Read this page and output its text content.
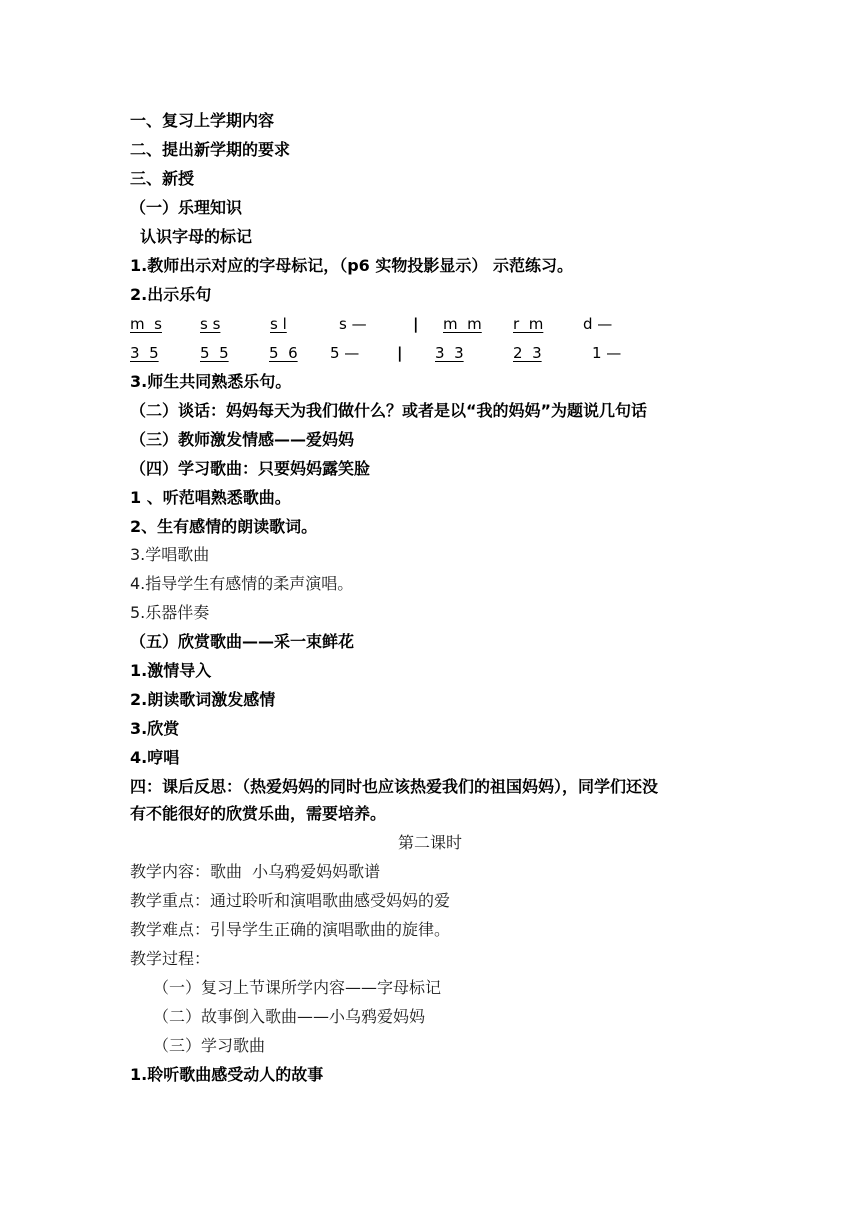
一、复习上学期内容
二、提出新学期的要求
三、新授
（一）乐理知识
认识字母的标记
1.教师出示对应的字母标记，（p6 实物投影显示） 示范练习。
2.出示乐句
m  s	s s	s l	s —	| m  m r  m	d —
3  5	5  5	5  6 5 —	| 3  3	2  3	1 —
3.师生共同熟悉乐句。
（二）谈话：妈妈每天为我们做什么？或者是以“我的妈妈”为题说几句话
（三）教师激发情感——爱妈妈
（四）学习歌曲：只要妈妈露笑脸
1 、听范唱熟悉歌曲。
2、生有感情的朗读歌词。
3.学唱歌曲
4.指导学生有感情的柔声演唱。
5.乐器伴奏
（五）欣赏歌曲——采一束鲜花
1.激情导入
2.朗读歌词激发感情
3.欣赏
4.哼唱
四：课后反思：（热爱妈妈的同时也应该热爱我们的祖国妈妈），同学们还没
有不能很好的欣赏乐曲，需要培养。
第二课时
教学内容：歌曲  小乌鸦爱妈妈歌谱
教学重点：通过聆听和演唱歌曲感受妈妈的爱
教学难点：引导学生正确的演唱歌曲的旋律。
教学过程：
（一）复习上节课所学内容——字母标记
（二）故事倒入歌曲——小乌鸦爱妈妈
（三）学习歌曲
1.聆听歌曲感受动人的故事
